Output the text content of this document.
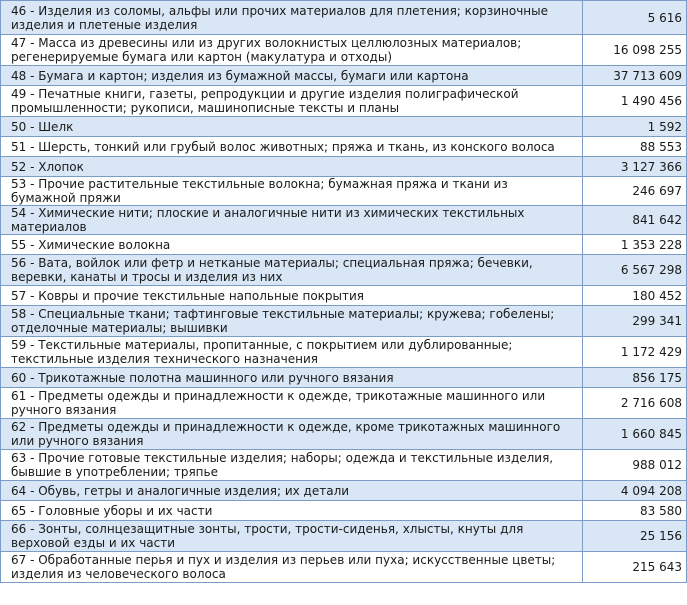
46 - Изделия из соломы, альфы или прочих материалов для плетения; корзиночные изделия и плетеные изделия	5 616
47 - Масса из древесины или из других волокнистых целлюлозных материалов; регенерируемые бумага или картон (макулатура и отходы)	16 098 255
48 - Бумага и картон; изделия из бумажной массы, бумаги или картона	37 713 609
49 - Печатные книги, газеты, репродукции и другие изделия полиграфической промышленности; рукописи, машинописные тексты и планы	1 490 456
50 - Шелк	1 592
51 - Шерсть, тонкий или грубый волос животных; пряжа и ткань, из конского волоса	88 553
52 - Хлопок	3 127 366
53 - Прочие растительные текстильные волокна; бумажная пряжа и ткани из бумажной пряжи	246 697
54 - Химические нити; плоские и аналогичные нити из химических текстильных материалов	841 642
55 - Химические волокна	1 353 228
56 - Вата, войлок или фетр и нетканые материалы; специальная пряжа; бечевки, веревки, канаты и тросы и изделия из них	6 567 298
57 - Ковры и прочие текстильные напольные покрытия	180 452
58 - Специальные ткани; тафтинговые текстильные материалы; кружева; гобелены; отделочные материалы; вышивки	299 341
59 - Текстильные материалы, пропитанные, с покрытием или дублированные; текстильные изделия технического назначения	1 172 429
60 - Трикотажные полотна машинного или ручного вязания	856 175
61 - Предметы одежды и принадлежности к одежде, трикотажные машинного или ручного вязания	2 716 608
62 - Предметы одежды и принадлежности к одежде, кроме трикотажных машинного или ручного вязания	1 660 845
63 - Прочие готовые текстильные изделия; наборы; одежда и текстильные изделия, бывшие в употреблении; тряпье	988 012
64 - Обувь, гетры и аналогичные изделия; их детали	4 094 208
65 - Головные уборы и их части	83 580
66 - Зонты, солнцезащитные зонты, трости, трости-сиденья, хлысты, кнуты для верховой езды и их части	25 156
67 - Обработанные перья и пух и изделия из перьев или пуха; искусственные цветы; изделия из человеческого волоса	215 643
